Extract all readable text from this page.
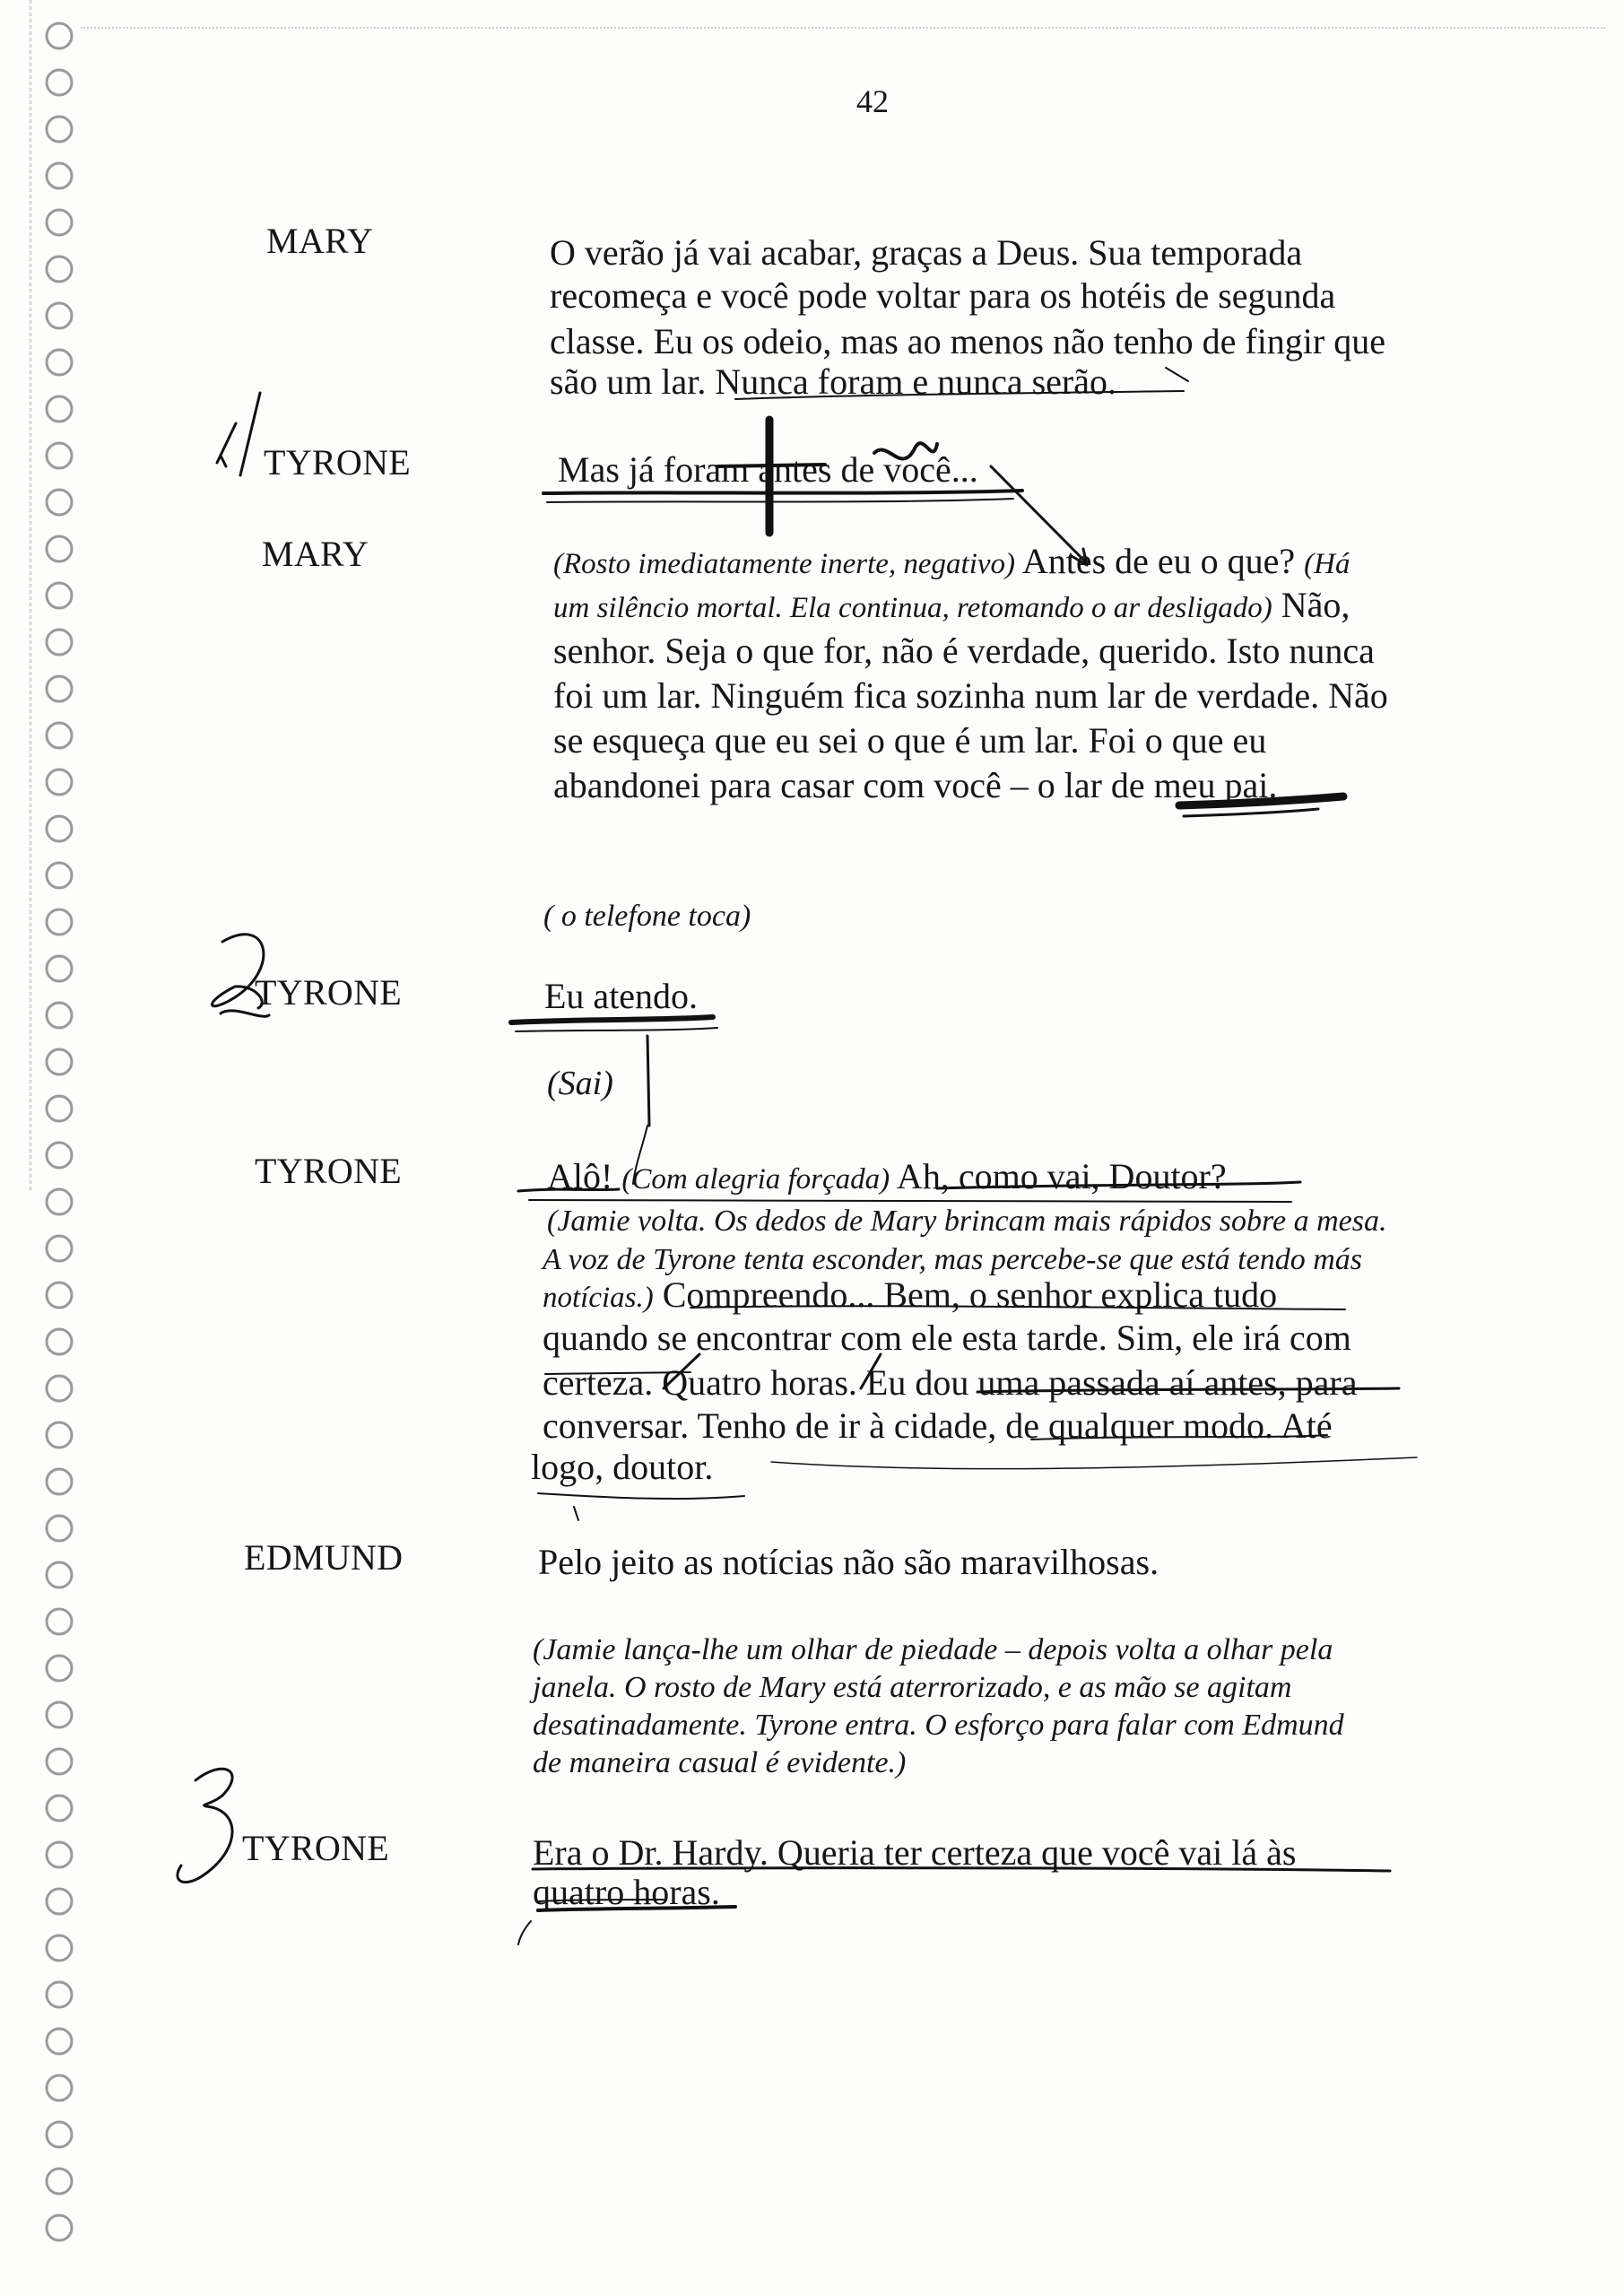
42
MARY
TYRONE
MARY
TYRONE
TYRONE
EDMUND
TYRONE
O verão já vai acabar, graças a Deus. Sua temporada
recomeça e você pode voltar para os hotéis de segunda
classe. Eu os odeio, mas ao menos não tenho de fingir que
são um lar. Nunca foram e nunca serão.
Mas já foram antes de você...
(Rosto imediatamente inerte, negativo) Antes de eu o que? (Há
um silêncio mortal. Ela continua, retomando o ar desligado) Não,
senhor. Seja o que for, não é verdade, querido. Isto nunca
foi um lar. Ninguém fica sozinha num lar de verdade. Não
se esqueça que eu sei o que é um lar. Foi o que eu
abandonei para casar com você – o lar de meu pai.
( o telefone toca)
Eu atendo.
(Sai)
Alô! (Com alegria forçada) Ah, como vai, Doutor?
(Jamie volta. Os dedos de Mary brincam mais rápidos sobre a mesa.
A voz de Tyrone tenta esconder, mas percebe-se que está tendo más
notícias.) Compreendo... Bem, o senhor explica tudo
quando se encontrar com ele esta tarde. Sim, ele irá com
certeza. Quatro horas. Eu dou uma passada aí antes, para
conversar. Tenho de ir à cidade, de qualquer modo. Até
logo, doutor.
Pelo jeito as notícias não são maravilhosas.
(Jamie lança-lhe um olhar de piedade – depois volta a olhar pela
janela. O rosto de Mary está aterrorizado, e as mão se agitam
desatinadamente. Tyrone entra. O esforço para falar com Edmund
de maneira casual é evidente.)
Era o Dr. Hardy. Queria ter certeza que você vai lá às
quatro horas.
